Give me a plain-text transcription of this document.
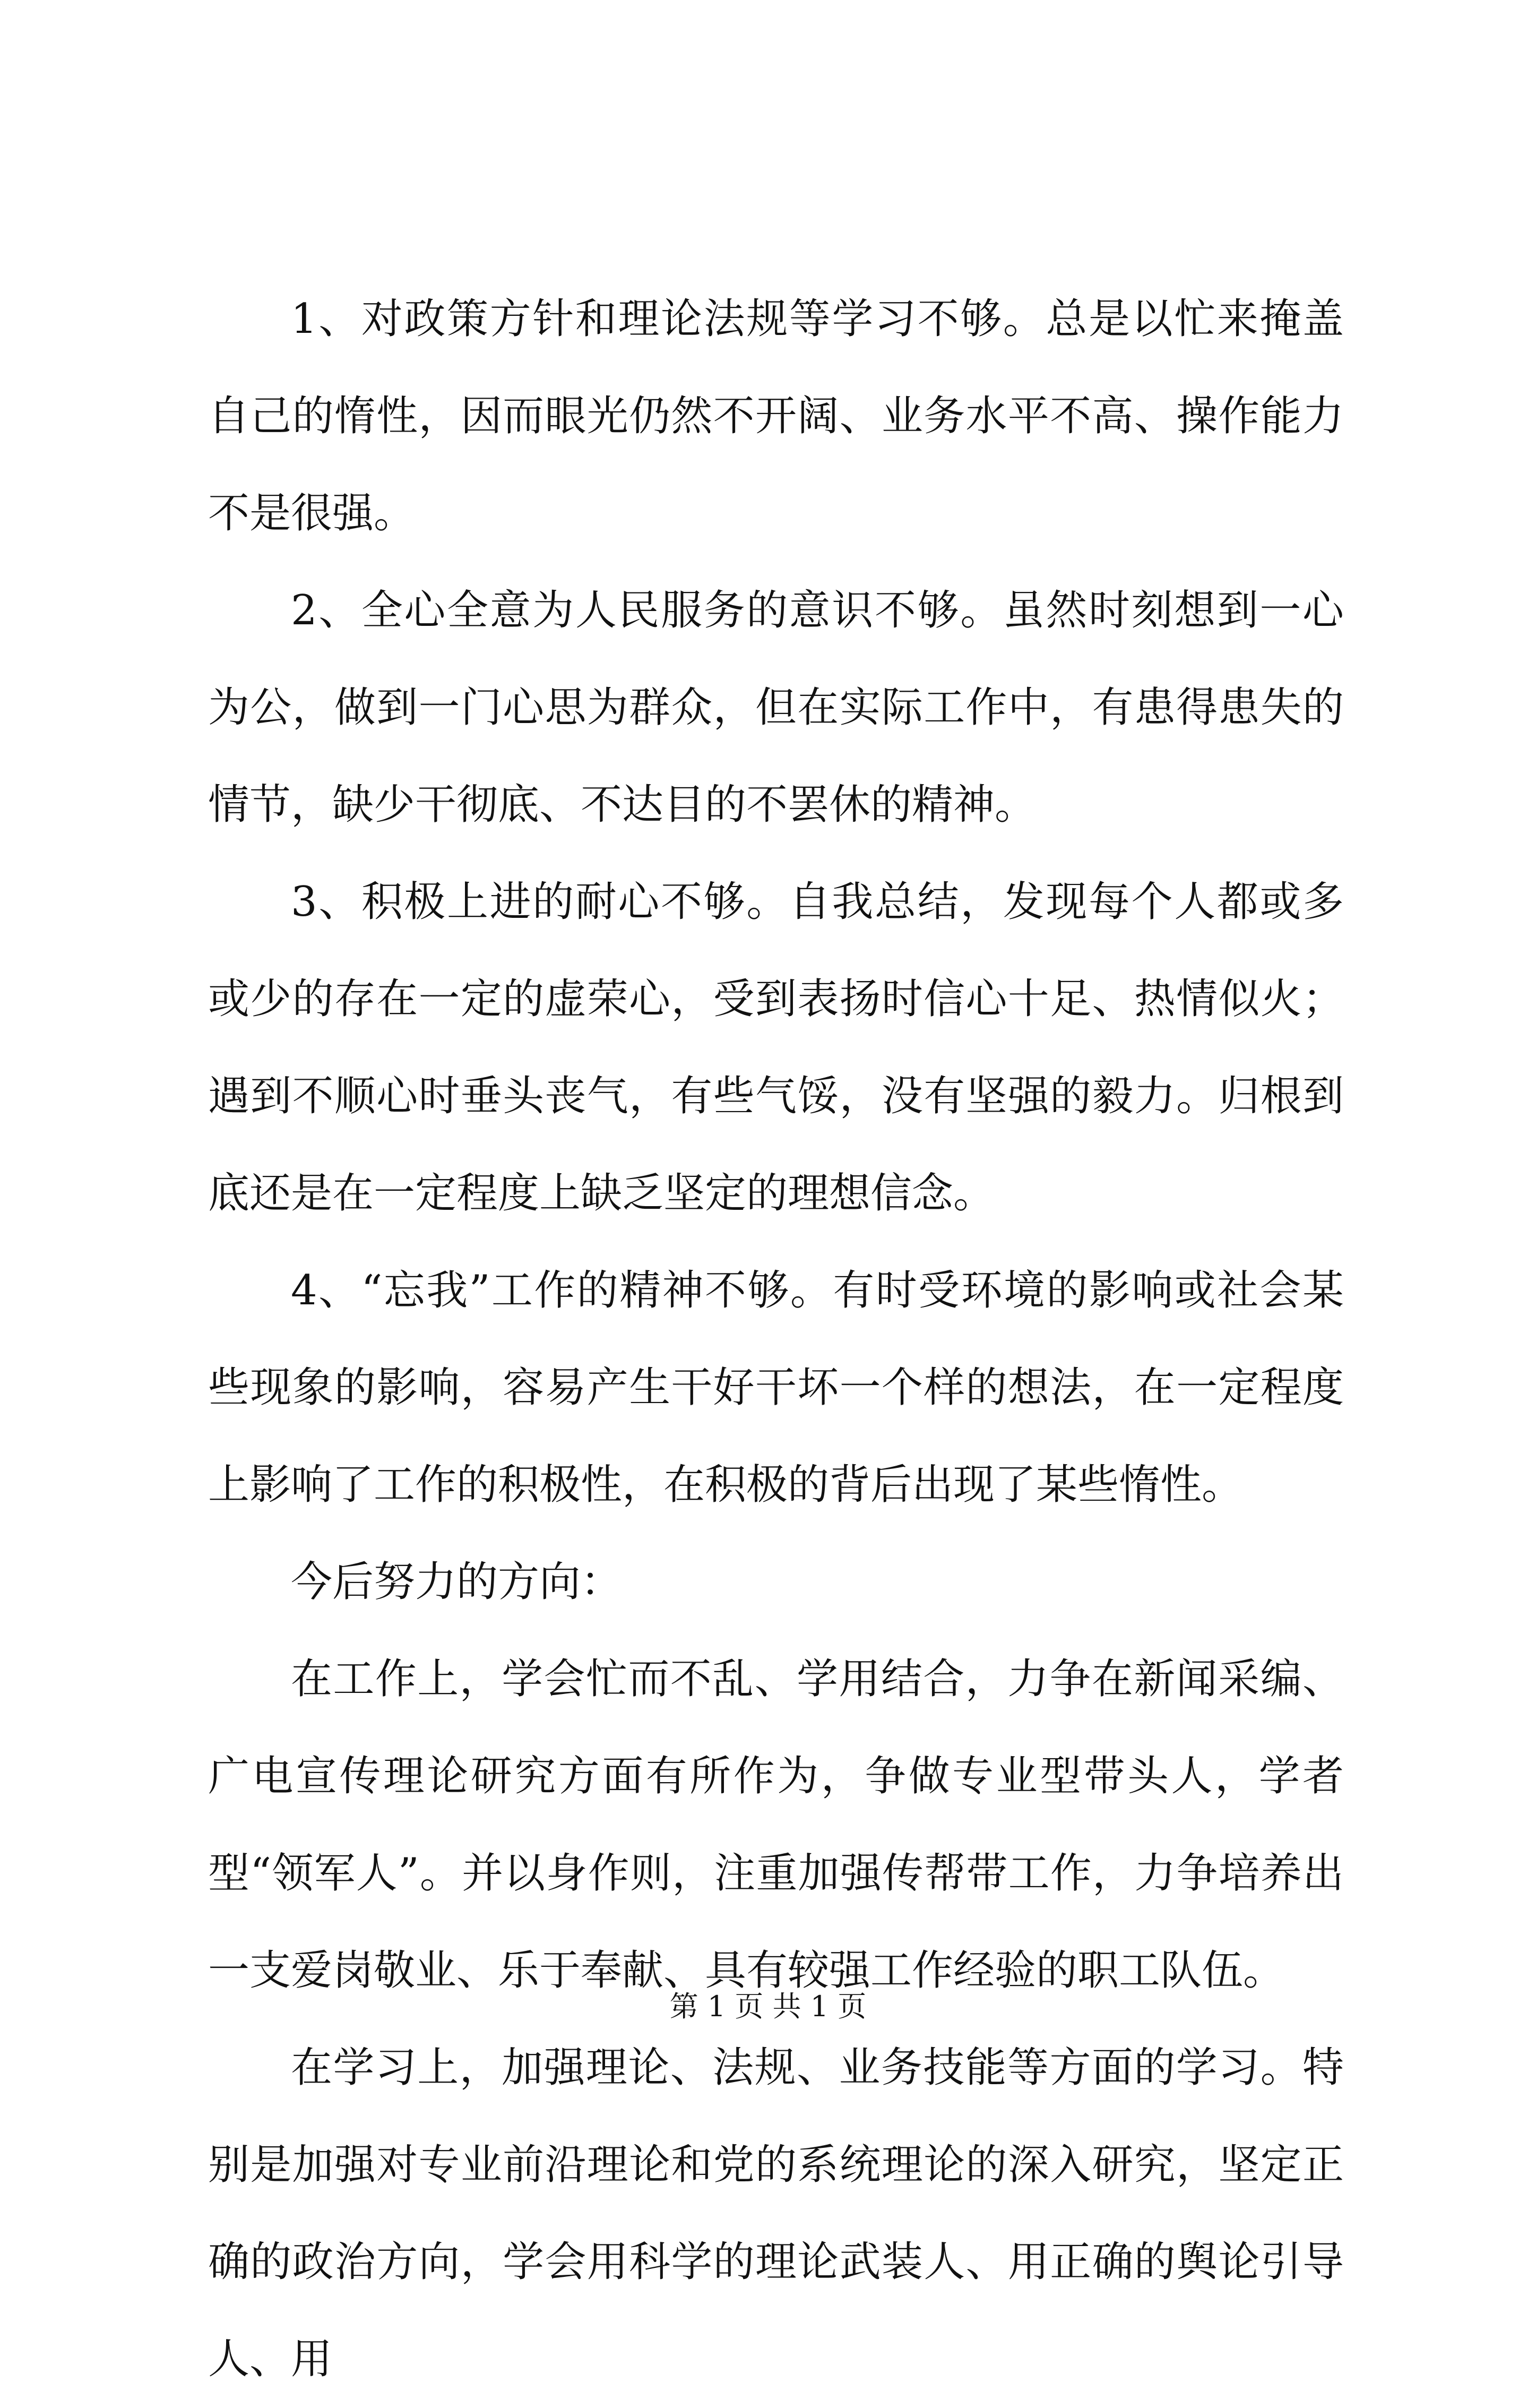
1、对政策方针和理论法规等学习不够。总是以忙来掩盖自己的惰性，因而眼光仍然不开阔、业务水平不高、操作能力不是很强。

2、全心全意为人民服务的意识不够。虽然时刻想到一心为公，做到一门心思为群众，但在实际工作中，有患得患失的情节，缺少干彻底、不达目的不罢休的精神。

3、积极上进的耐心不够。自我总结，发现每个人都或多或少的存在一定的虚荣心，受到表扬时信心十足、热情似火；遇到不顺心时垂头丧气，有些气馁，没有坚强的毅力。归根到底还是在一定程度上缺乏坚定的理想信念。

4、“忘我”工作的精神不够。有时受环境的影响或社会某些现象的影响，容易产生干好干坏一个样的想法，在一定程度上影响了工作的积极性，在积极的背后出现了某些惰性。

今后努力的方向：

在工作上，学会忙而不乱、学用结合，力争在新闻采编、广电宣传理论研究方面有所作为，争做专业型带头人，学者型“领军人”。并以身作则，注重加强传帮带工作，力争培养出一支爱岗敬业、乐于奉献、具有较强工作经验的职工队伍。

在学习上，加强理论、法规、业务技能等方面的学习。特别是加强对专业前沿理论和党的系统理论的深入研究，坚定正确的政治方向，学会用科学的理论武装人、用正确的舆论引导人、用

第 1 页 共 1 页
